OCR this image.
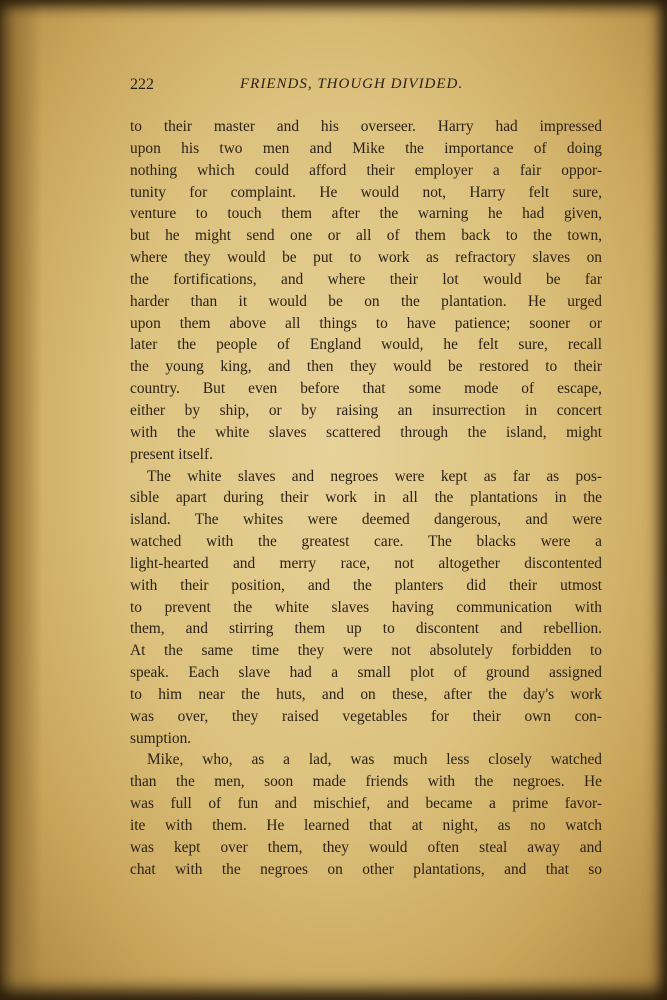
222	FRIENDS, THOUGH DIVIDED.
to their master and his overseer. Harry had impressed
upon his two men and Mike the importance of doing
nothing which could afford their employer a fair oppor-
tunity for complaint. He would not, Harry felt sure,
venture to touch them after the warning he had given,
but he might send one or all of them back to the town,
where they would be put to work as refractory slaves on
the fortifications, and where their lot would be far
harder than it would be on the plantation. He urged
upon them above all things to have patience; sooner or
later the people of England would, he felt sure, recall
the young king, and then they would be restored to their
country. But even before that some mode of escape,
either by ship, or by raising an insurrection in concert
with the white slaves scattered through the island, might
present itself.
The white slaves and negroes were kept as far as pos-
sible apart during their work in all the plantations in the
island. The whites were deemed dangerous, and were
watched with the greatest care. The blacks were a
light-hearted and merry race, not altogether discontented
with their position, and the planters did their utmost
to prevent the white slaves having communication with
them, and stirring them up to discontent and rebellion.
At the same time they were not absolutely forbidden to
speak. Each slave had a small plot of ground assigned
to him near the huts, and on these, after the day's work
was over, they raised vegetables for their own con-
sumption.
Mike, who, as a lad, was much less closely watched
than the men, soon made friends with the negroes. He
was full of fun and mischief, and became a prime favor-
ite with them. He learned that at night, as no watch
was kept over them, they would often steal away and
chat with the negroes on other plantations, and that so
